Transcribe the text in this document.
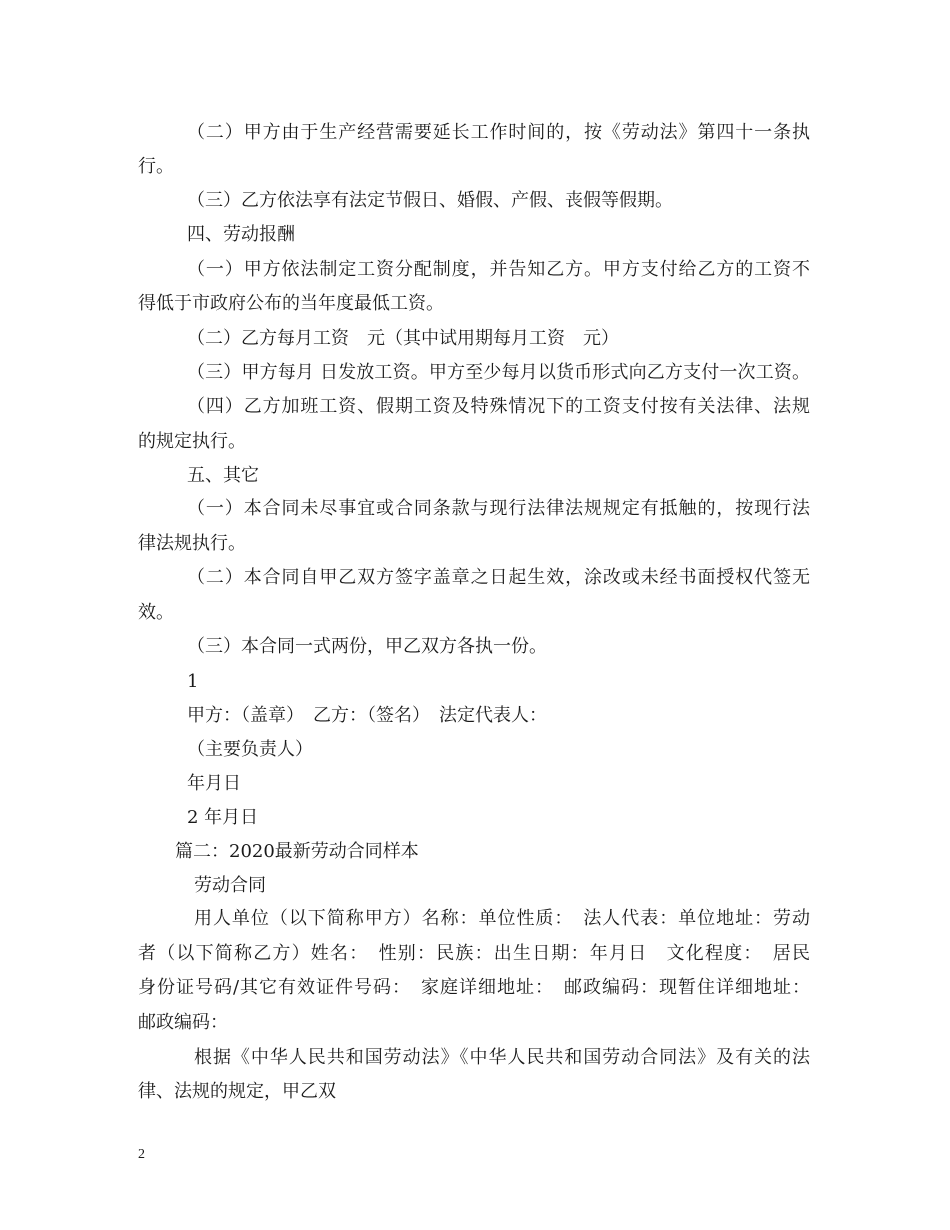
（二）甲方由于生产经营需要延长工作时间的，按《劳动法》第四十一条执
行。
（三）乙方依法享有法定节假日、婚假、产假、丧假等假期。
四、劳动报酬
（一）甲方依法制定工资分配制度，并告知乙方。甲方支付给乙方的工资不
得低于市政府公布的当年度最低工资。
（二）乙方每月工资　元（其中试用期每月工资　元）
（三）甲方每月 日发放工资。甲方至少每月以货币形式向乙方支付一次工资。
（四）乙方加班工资、假期工资及特殊情况下的工资支付按有关法律、法规
的规定执行。
五、其它
（一）本合同未尽事宜或合同条款与现行法律法规规定有抵触的，按现行法
律法规执行。
（二）本合同自甲乙双方签字盖章之日起生效，涂改或未经书面授权代签无
效。
（三）本合同一式两份，甲乙双方各执一份。
1
甲方：（盖章）　乙方：（签名）　法定代表人：
（主要负责人）
年月日
2 年月日
篇二：2020最新劳动合同样本
劳动合同
用人单位（以下简称甲方）名称：单位性质：　法人代表：单位地址：劳动
者（以下简称乙方）姓名：　性别：民族：出生日期：年月日　文化程度：　居民
身份证号码/其它有效证件号码：　家庭详细地址：　邮政编码：现暂住详细地址：
邮政编码：
根据《中华人民共和国劳动法》《中华人民共和国劳动合同法》及有关的法
律、法规的规定，甲乙双
2
